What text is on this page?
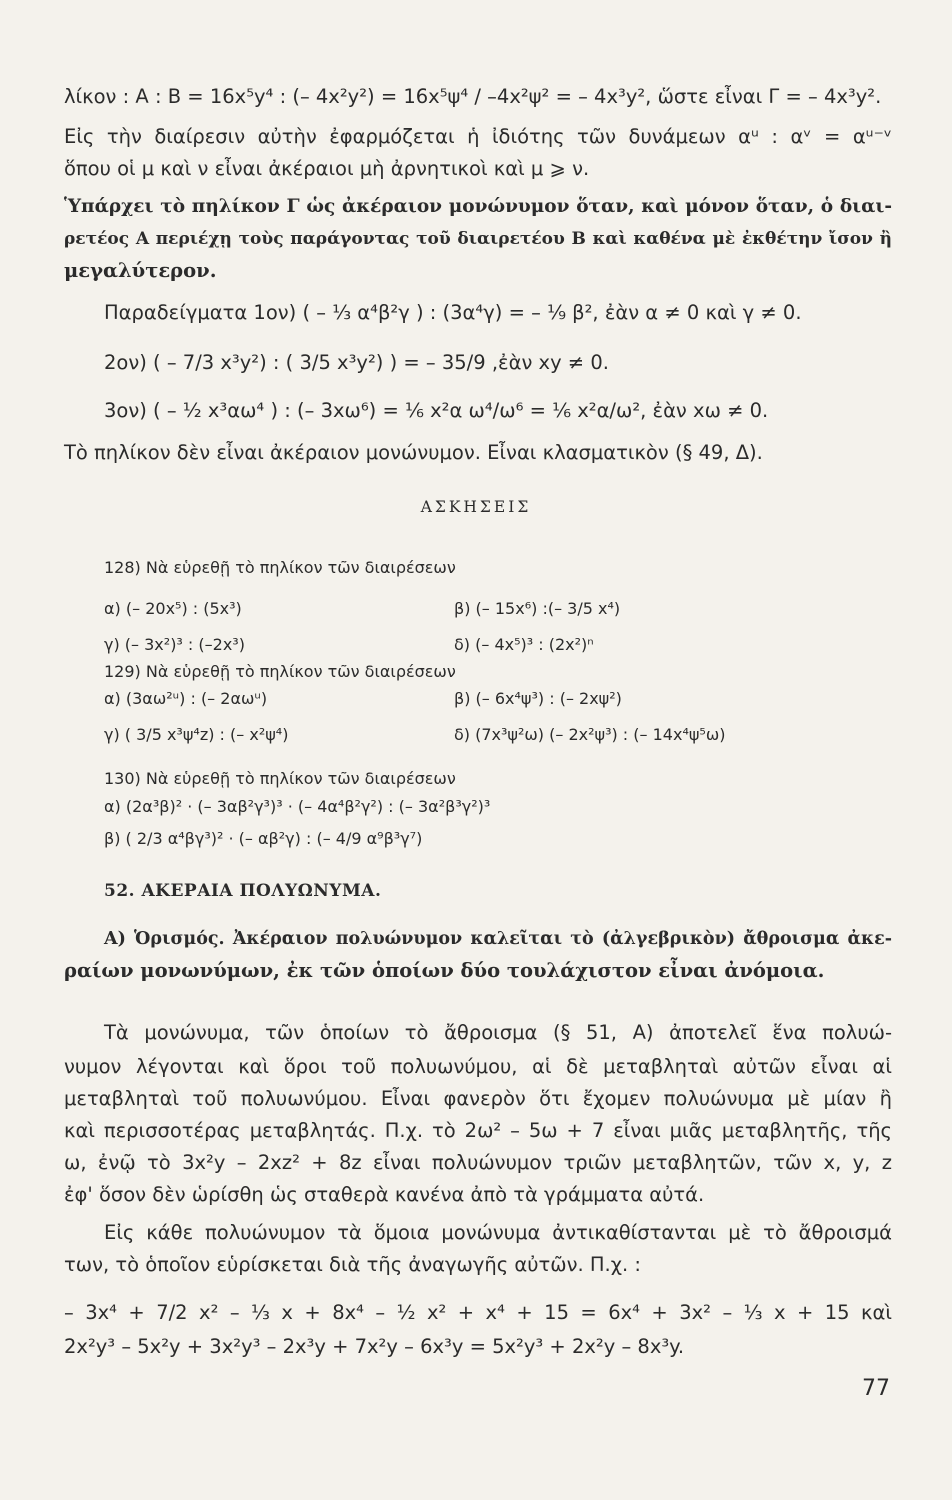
λίκον : Α : Β = 16x⁵y⁴ : (– 4x²y²) = 16x⁵ψ⁴ / –4x²ψ² = – 4x³y², ὥστε εἶναι Γ = – 4x³y².
Εἰς τὴν διαίρεσιν αὐτὴν ἐφαρμόζεται ἡ ἰδιότης τῶν δυνάμεων αᵘ : αᵛ = αᵘ⁻ᵛ
ὅπου οἱ μ καὶ ν εἶναι ἀκέραιοι μὴ ἀρνητικοὶ καὶ μ ⩾ ν.
Ὑπάρχει τὸ πηλίκον Γ ὡς ἀκέραιον μονώνυμον ὅταν, καὶ μόνον ὅταν, ὁ διαι-
ρετέος Α περιέχῃ τοὺς παράγοντας τοῦ διαιρετέου Β καὶ καθένα μὲ ἐκθέτην ἴσον ἢ
μεγαλύτερον.
Παραδείγματα 1ον) ( – ⅓ α⁴β²γ ) : (3α⁴γ) = – ⅑ β², ἐὰν α ≠ 0 καὶ γ ≠ 0.
2ον) ( – 7/3 x³y²) : ( 3/5 x³y²) ) = – 35/9 ,ἐὰν xy ≠ 0.
3ον) ( – ½ x³αω⁴ ) : (– 3xω⁶) = ⅙ x²α ω⁴/ω⁶ = ⅙ x²α/ω², ἐὰν xω ≠ 0.
Τὸ πηλίκον δὲν εἶναι ἀκέραιον μονώνυμον. Εἶναι κλασματικὸν (§ 49, Δ).
ΑΣΚΗΣΕΙΣ
128) Νὰ εὑρεθῇ τὸ πηλίκον τῶν διαιρέσεων
α) (– 20x⁵) : (5x³)	β) (– 15x⁶) :(– 3/5 x⁴)
γ) (– 3x²)³ : (–2x³)	δ) (– 4x⁵)³ : (2x²)ⁿ
129) Νὰ εὑρεθῇ τὸ πηλίκον τῶν διαιρέσεων
α) (3αω²ᵘ) : (– 2αωᵘ)	β) (– 6x⁴ψ³) : (– 2xψ²)
γ) ( 3/5 x³ψ⁴z) : (– x²ψ⁴)	δ) (7x³ψ²ω) (– 2x²ψ³) : (– 14x⁴ψ⁵ω)
130) Νὰ εὑρεθῇ τὸ πηλίκον τῶν διαιρέσεων
α) (2α³β)² · (– 3αβ²γ³)³ · (– 4α⁴β²γ²) : (– 3α²β³γ²)³
β) ( 2/3 α⁴βγ³)² · (– αβ²γ) : (– 4/9 α⁹β³γ⁷)
52. ΑΚΕΡΑΙΑ ΠΟΛΥΩΝΥΜΑ.
Α) Ὁρισμός. Ἀκέραιον πολυώνυμον καλεῖται τὸ (ἀλγεβρικὸν) ἄθροισμα ἀκε-
ραίων μονωνύμων, ἐκ τῶν ὁποίων δύο τουλάχιστον εἶναι ἀνόμοια.
Τὰ μονώνυμα, τῶν ὁποίων τὸ ἄθροισμα (§ 51, Α) ἀποτελεῖ ἕνα πολυώ-
νυμον λέγονται καὶ ὅροι τοῦ πολυωνύμου, αἱ δὲ μεταβληταὶ αὐτῶν εἶναι αἱ
μεταβληταὶ τοῦ πολυωνύμου. Εἶναι φανερὸν ὅτι ἔχομεν πολυώνυμα μὲ μίαν ἢ
καὶ περισσοτέρας μεταβλητάς. Π.χ. τὸ 2ω² – 5ω + 7 εἶναι μιᾶς μεταβλητῆς, τῆς
ω, ἐνῷ τὸ 3x²y – 2xz² + 8z εἶναι πολυώνυμον τριῶν μεταβλητῶν, τῶν x, y, z
ἐφ' ὅσον δὲν ὡρίσθη ὡς σταθερὰ κανένα ἀπὸ τὰ γράμματα αὐτά.
Εἰς κάθε πολυώνυμον τὰ ὅμοια μονώνυμα ἀντικαθίστανται μὲ τὸ ἄθροισμά
των, τὸ ὁποῖον εὑρίσκεται διὰ τῆς ἀναγωγῆς αὐτῶν. Π.χ. :
– 3x⁴ + 7/2 x² – ⅓ x + 8x⁴ – ½ x² + x⁴ + 15 = 6x⁴ + 3x² – ⅓ x + 15 καὶ
2x²y³ – 5x²y + 3x²y³ – 2x³y + 7x²y – 6x³y = 5x²y³ + 2x²y – 8x³y.
77
